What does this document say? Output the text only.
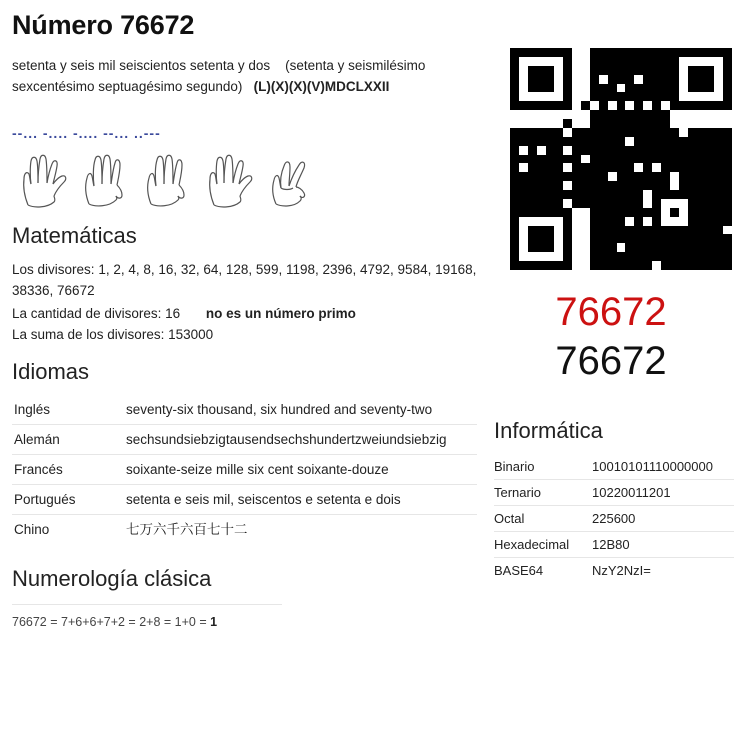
Número 76672
setenta y seis mil seiscientos setenta y dos (setenta y seismilésimo sexcentésimo septuagésimo segundo) (L)(X)(X)(V)MDCLXXII
--... -.... -.... --... ..---
Matemáticas
Los divisores: 1, 2, 4, 8, 16, 32, 64, 128, 599, 1198, 2396, 4792, 9584, 19168, 38336, 76672
La cantidad de divisores: 16 no es un número primo
La suma de los divisores: 153000
Idiomas
Inglés	seventy-six thousand, six hundred and seventy-two
Alemán	sechsundsiebzigtausendsechshundertzweiundsiebzig
Francés	soixante-seize mille six cent soixante-douze
Portugués	setenta e seis mil, seiscentos e setenta e dois
Chino	七万六千六百七十二
Numerología clásica
76672 = 7+6+6+7+2 = 2+8 = 1+0 = 1
76672
76672
Informática
Binario	10010101110000000
Ternario	10220011201
Octal	225600
Hexadecimal	12B80
BASE64	NzY2NzI=
